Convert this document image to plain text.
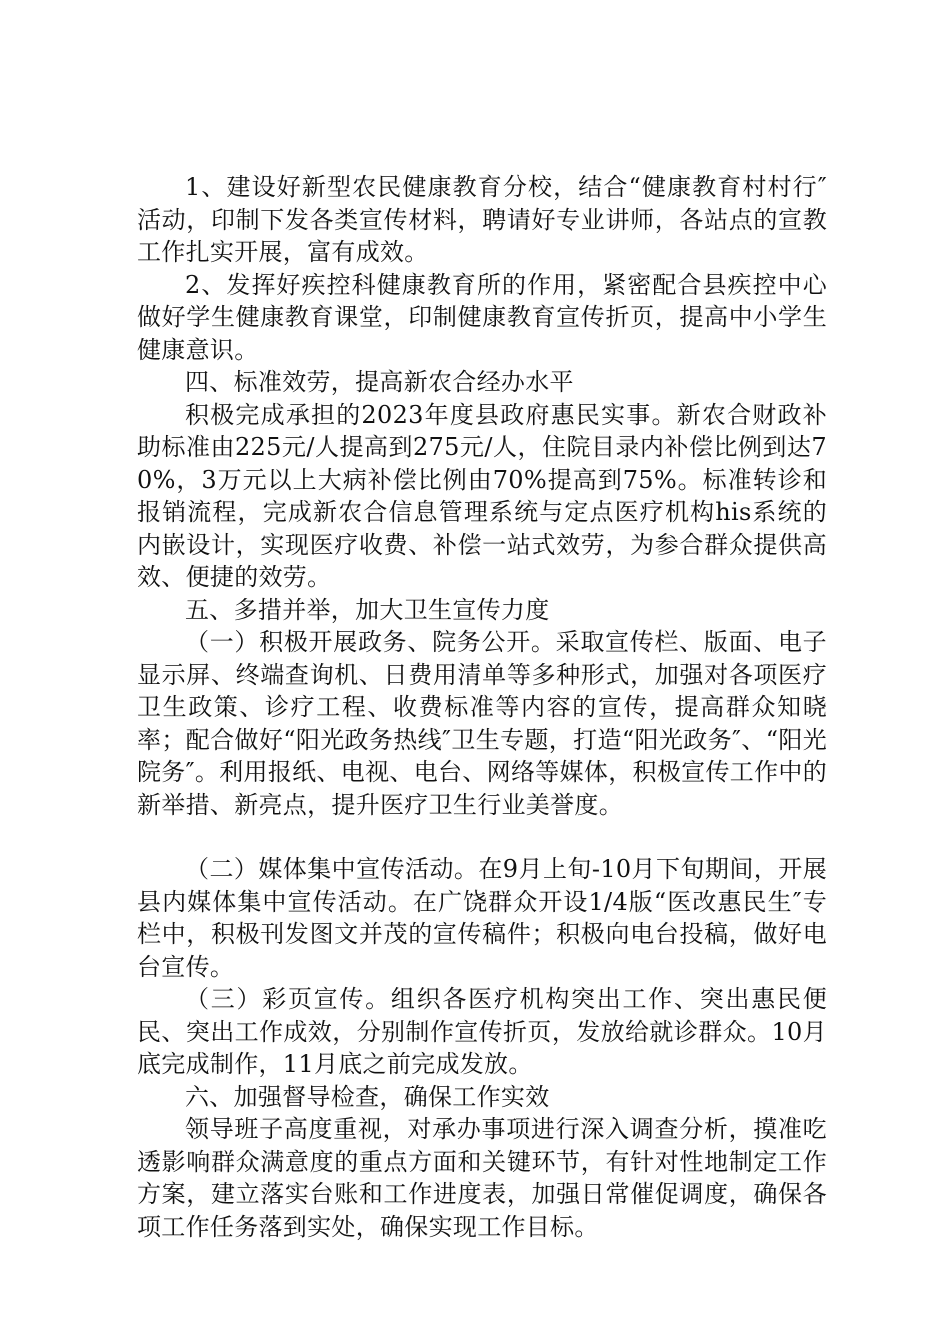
1、建设好新型农民健康教育分校，结合“健康教育村村行″活动，印制下发各类宣传材料，聘请好专业讲师，各站点的宣教工作扎实开展，富有成效。

2、发挥好疾控科健康教育所的作用，紧密配合县疾控中心做好学生健康教育课堂，印制健康教育宣传折页，提高中小学生健康意识。

四、标准效劳，提高新农合经办水平

积极完成承担的2023年度县政府惠民实事。新农合财政补助标准由225元/人提高到275元/人，住院目录内补偿比例到达70%，3万元以上大病补偿比例由70%提高到75%。标准转诊和报销流程，完成新农合信息管理系统与定点医疗机构his系统的内嵌设计，实现医疗收费、补偿一站式效劳，为参合群众提供高效、便捷的效劳。

五、多措并举，加大卫生宣传力度

（一）积极开展政务、院务公开。采取宣传栏、版面、电子显示屏、终端查询机、日费用清单等多种形式，加强对各项医疗卫生政策、诊疗工程、收费标准等内容的宣传，提高群众知晓率；配合做好“阳光政务热线″卫生专题，打造“阳光政务″、“阳光院务″。利用报纸、电视、电台、网络等媒体，积极宣传工作中的新举措、新亮点，提升医疗卫生行业美誉度。

（二）媒体集中宣传活动。在9月上旬-10月下旬期间，开展县内媒体集中宣传活动。在广饶群众开设1/4版“医改惠民生″专栏中，积极刊发图文并茂的宣传稿件；积极向电台投稿，做好电台宣传。

（三）彩页宣传。组织各医疗机构突出工作、突出惠民便民、突出工作成效，分别制作宣传折页，发放给就诊群众。10月底完成制作，11月底之前完成发放。

六、加强督导检查，确保工作实效

领导班子高度重视，对承办事项进行深入调查分析，摸准吃透影响群众满意度的重点方面和关键环节，有针对性地制定工作方案，建立落实台账和工作进度表，加强日常催促调度，确保各项工作任务落到实处，确保实现工作目标。
